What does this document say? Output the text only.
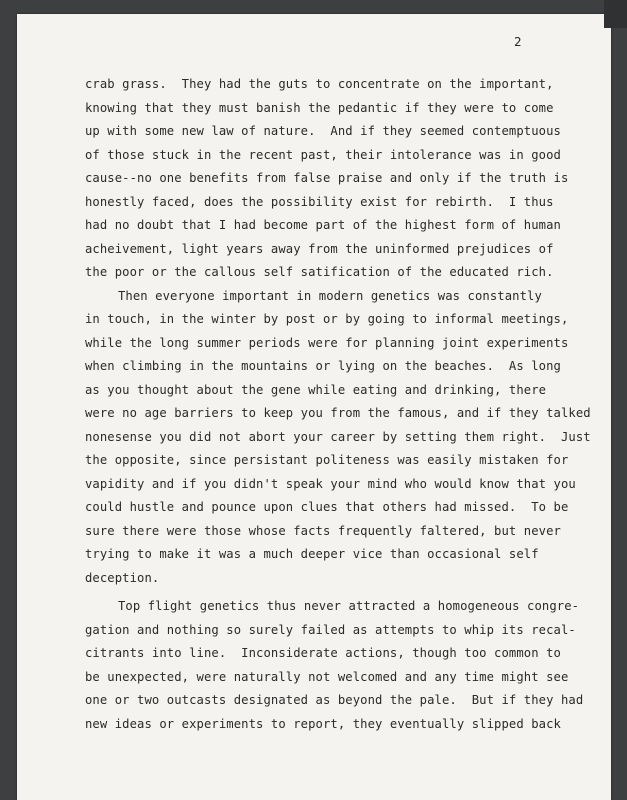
2
crab grass.  They had the guts to concentrate on the important,
knowing that they must banish the pedantic if they were to come
up with some new law of nature.  And if they seemed contemptuous
of those stuck in the recent past, their intolerance was in good
cause--no one benefits from false praise and only if the truth is
honestly faced, does the possibility exist for rebirth.  I thus
had no doubt that I had become part of the highest form of human
acheivement, light years away from the uninformed prejudices of
the poor or the callous self satification of the educated rich.
Then everyone important in modern genetics was constantly
in touch, in the winter by post or by going to informal meetings,
while the long summer periods were for planning joint experiments
when climbing in the mountains or lying on the beaches.  As long
as you thought about the gene while eating and drinking, there
were no age barriers to keep you from the famous, and if they talked
nonesense you did not abort your career by setting them right.  Just
the opposite, since persistant politeness was easily mistaken for
vapidity and if you didn't speak your mind who would know that you
could hustle and pounce upon clues that others had missed.  To be
sure there were those whose facts frequently faltered, but never
trying to make it was a much deeper vice than occasional self
deception.
Top flight genetics thus never attracted a homogeneous congre-
gation and nothing so surely failed as attempts to whip its recal-
citrants into line.  Inconsiderate actions, though too common to
be unexpected, were naturally not welcomed and any time might see
one or two outcasts designated as beyond the pale.  But if they had
new ideas or experiments to report, they eventually slipped back
